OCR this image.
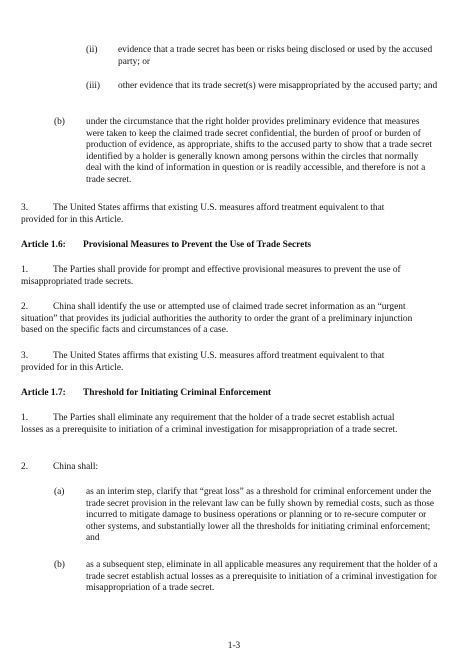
(ii) evidence that a trade secret has been or risks being disclosed or used by the accused party; or
(iii) other evidence that its trade secret(s) were misappropriated by the accused party; and
(b) under the circumstance that the right holder provides preliminary evidence that measures were taken to keep the claimed trade secret confidential, the burden of proof or burden of production of evidence, as appropriate, shifts to the accused party to show that a trade secret identified by a holder is generally known among persons within the circles that normally deal with the kind of information in question or is readily accessible, and therefore is not a trade secret.
3.	The United States affirms that existing U.S. measures afford treatment equivalent to that provided for in this Article.
Article 1.6: Provisional Measures to Prevent the Use of Trade Secrets
1.	The Parties shall provide for prompt and effective provisional measures to prevent the use of misappropriated trade secrets.
2.	China shall identify the use or attempted use of claimed trade secret information as an “urgent situation” that provides its judicial authorities the authority to order the grant of a preliminary injunction based on the specific facts and circumstances of a case.
3.	The United States affirms that existing U.S. measures afford treatment equivalent to that provided for in this Article.
Article 1.7: Threshold for Initiating Criminal Enforcement
1.	The Parties shall eliminate any requirement that the holder of a trade secret establish actual losses as a prerequisite to initiation of a criminal investigation for misappropriation of a trade secret.
2.	China shall:
(a) as an interim step, clarify that “great loss” as a threshold for criminal enforcement under the trade secret provision in the relevant law can be fully shown by remedial costs, such as those incurred to mitigate damage to business operations or planning or to re-secure computer or other systems, and substantially lower all the thresholds for initiating criminal enforcement; and
(b) as a subsequent step, eliminate in all applicable measures any requirement that the holder of a trade secret establish actual losses as a prerequisite to initiation of a criminal investigation for misappropriation of a trade secret.
1-3
